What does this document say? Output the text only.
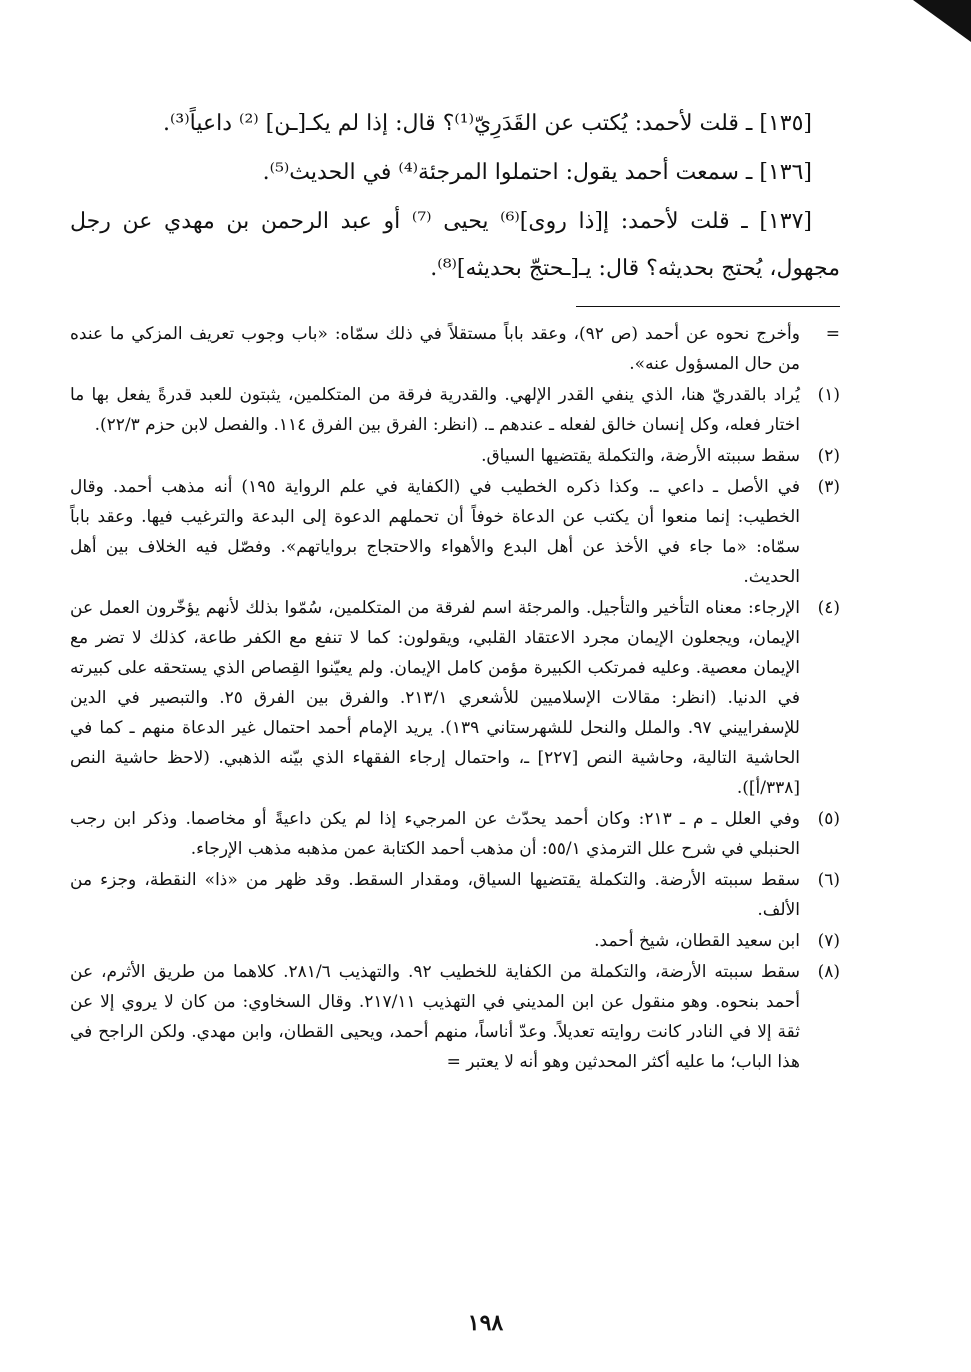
[١٣٥] ـ قلت لأحمد: يُكتب عن القَدَرِيّ⁽¹⁾؟ قال: إذا لم يكـ[ـن] ⁽²⁾ داعياً⁽³⁾.

[١٣٦] ـ سمعت أحمد يقول: احتملوا المرجئة⁽⁴⁾ في الحديث⁽⁵⁾.

[١٣٧] ـ قلت لأحمد: إ[ذا روى]⁽⁶⁾ يحيى ⁽⁷⁾ أو عبد الرحمن بن مهدي عن رجل مجهول، يُحتج بحديثه؟ قال: يـ[ـحتجّ بحديثه]⁽⁸⁾.

=
وأخرج نحوه عن أحمد (ص ٩٢)، وعقد باباً مستقلاً في ذلك سمّاه: «باب وجوب تعريف المزكي ما عنده من حال المسؤول عنه».
(١)
يُراد بالقدريّ هنا، الذي ينفي القدر الإلهي. والقدرية فرقة من المتكلمين، يثبتون للعبد قدرةً يفعل بها ما اختار فعله، وكل إنسان خالق لفعله ـ عندهم ـ. (انظر: الفرق بين الفرق ١١٤. والفصل لابن حزم ٢٢/٣).
(٢)
سقط سببته الأرضة، والتكملة يقتضيها السياق.
(٣)
في الأصل ـ داعي ـ. وكذا ذكره الخطيب في (الكفاية في علم الرواية ١٩٥) أنه مذهب أحمد. وقال الخطيب: إنما منعوا أن يكتب عن الدعاة خوفاً أن تحملهم الدعوة إلى البدعة والترغيب فيها. وعقد باباً سمّاه: «ما جاء في الأخذ عن أهل البدع والأهواء والاحتجاج برواياتهم». وفصّل فيه الخلاف بين أهل الحديث.
(٤)
الإرجاء: معناه التأخير والتأجيل. والمرجئة اسم لفرقة من المتكلمين، سُمّوا بذلك لأنهم يؤخّرون العمل عن الإيمان، ويجعلون الإيمان مجرد الاعتقاد القلبي، ويقولون: كما لا تنفع مع الكفر طاعة، كذلك لا تضر مع الإيمان معصية. وعليه فمرتكب الكبيرة مؤمن كامل الإيمان. ولم يعيّنوا القِصاص الذي يستحقه على كبيرته في الدنيا. (انظر: مقالات الإسلاميين للأشعري ٢١٣/١. والفرق بين الفرق ٢٥. والتبصير في الدين للإسفراييني ٩٧. والملل والنحل للشهرستاني ١٣٩). يريد الإمام أحمد احتمال غير الدعاة منهم ـ كما في الحاشية التالية، وحاشية النص [٢٢٧] ـ، واحتمال إرجاء الفقهاء الذي بيّنه الذهبي. (لاحظ حاشية النص [٣٣٨/أ]).
(٥)
وفي العلل ـ م ـ ٢١٣: وكان أحمد يحدّث عن المرجيء إذا لم يكن داعيةً أو مخاصما. وذكر ابن رجب الحنبلي في شرح علل الترمذي ٥٥/١: أن مذهب أحمد الكتابة عمن مذهبه مذهب الإرجاء.
(٦)
سقط سببته الأرضة. والتكملة يقتضيها السياق، ومقدار السقط. وقد ظهر من «ذا» النقطة، وجزء من الألف.
(٧)
ابن سعيد القطان، شيخ أحمد.
(٨)
سقط سببته الأرضة، والتكملة من الكفاية للخطيب ٩٢. والتهذيب ٢٨١/٦. كلاهما من طريق الأثرم، عن أحمد بنحوه. وهو منقول عن ابن المديني في التهذيب ٢١٧/١١. وقال السخاوي: من كان لا يروي إلا عن ثقة إلا في النادر كانت روايته تعديلاً. وعدّ أناساً، منهم أحمد، ويحيى القطان، وابن مهدي. ولكن الراجح في هذا الباب؛ ما عليه أكثر المحدثين وهو أنه لا يعتبر =
١٩٨
